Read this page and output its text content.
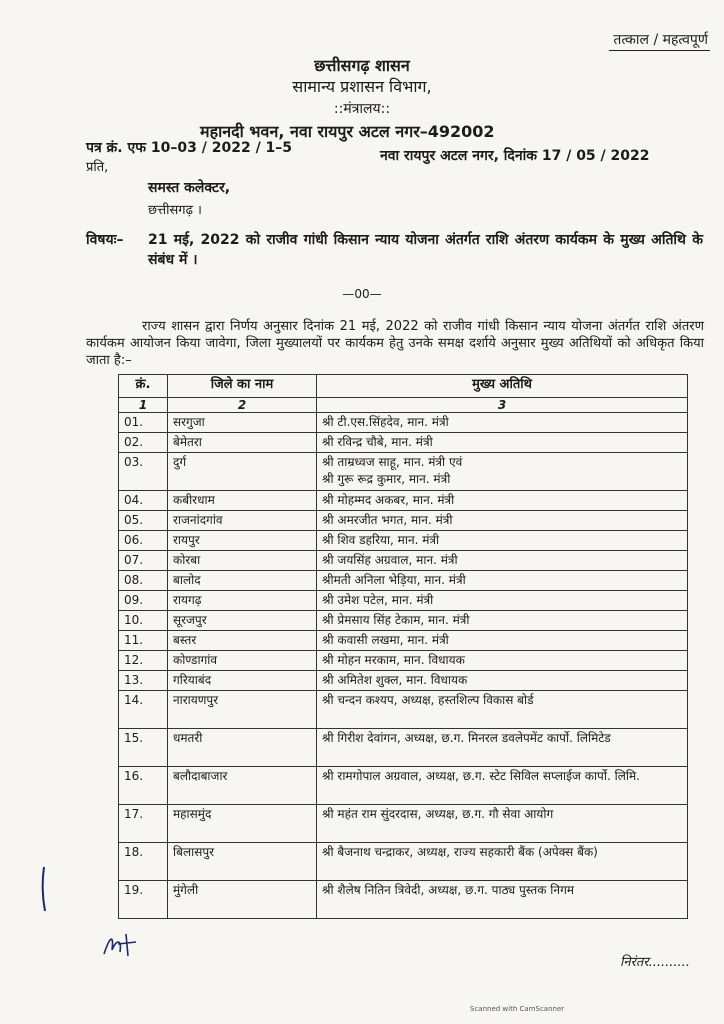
तत्काल / महत्वपूर्ण
छत्तीसगढ़ शासन
सामान्य प्रशासन विभाग,
::मंत्रालय::
महानदी भवन, नवा रायपुर अटल नगर–492002
पत्र क्रं. एफ 10–03 / 2022 / 1–5	नवा रायपुर अटल नगर, दिनांक 17 / 05 / 2022
प्रति,
समस्त कलेक्टर,
छत्तीसगढ़ ।
विषयः– 21 मई, 2022 को राजीव गांधी किसान न्याय योजना अंतर्गत राशि अंतरण कार्यकम के मुख्य अतिथि के संबंध में ।
—00—
राज्य शासन द्वारा निर्णय अनुसार दिनांक 21 मई, 2022 को राजीव गांधी किसान न्याय योजना अंतर्गत राशि अंतरण कार्यकम आयोजन किया जावेगा, जिला मुख्यालयों पर कार्यकम हेतु उनके समक्ष दर्शाये अनुसार मुख्य अतिथियों को अधिकृत किया जाता है:–
क्रं.	जिले का नाम	मुख्य अतिथि
1	2	3
01.	सरगुजा	श्री टी.एस.सिंहदेव, मान. मंत्री
02.	बेमेतरा	श्री रविन्द्र चौबे, मान. मंत्री
03.	दुर्ग	श्री ताम्रध्वज साहू, मान. मंत्री एवं
श्री गुरू रूद्र कुमार, मान. मंत्री
04.	कबीरधाम	श्री मोहम्मद अकबर, मान. मंत्री
05.	राजनांदगांव	श्री अमरजीत भगत, मान. मंत्री
06.	रायपुर	श्री शिव डहरिया, मान. मंत्री
07.	कोरबा	श्री जयसिंह अग्रवाल, मान. मंत्री
08.	बालोद	श्रीमती अनिला भेड़िया, मान. मंत्री
09.	रायगढ़	श्री उमेश पटेल, मान. मंत्री
10.	सूरजपुर	श्री प्रेमसाय सिंह टेकाम, मान. मंत्री
11.	बस्तर	श्री कवासी लखमा, मान. मंत्री
12.	कोण्डागांव	श्री मोहन मरकाम, मान. विधायक
13.	गरियाबंद	श्री अमितेश शुक्ल, मान. विधायक
14.	नारायणपुर	श्री चन्दन कश्यप, अध्यक्ष, हस्तशिल्प विकास बोर्ड
15.	धमतरी	श्री गिरीश देवांगन, अध्यक्ष, छ.ग. मिनरल डवलेपमेंट कार्पो. लिमिटेड
16.	बलौदाबाजार	श्री रामगोपाल अग्रवाल, अध्यक्ष, छ.ग. स्टेट सिविल सप्लाईज कार्पो. लिमि.
17.	महासमुंद	श्री महंत राम सुंदरदास, अध्यक्ष, छ.ग. गौ सेवा आयोग
18.	बिलासपुर	श्री बैजनाथ चन्द्राकर, अध्यक्ष, राज्य सहकारी बैंक (अपेक्स बैंक)
19.	मुंगेली	श्री शैलेष नितिन त्रिवेदी, अध्यक्ष, छ.ग. पाठ्य पुस्तक निगम
निरंतर..........
Scanned with CamScanner
